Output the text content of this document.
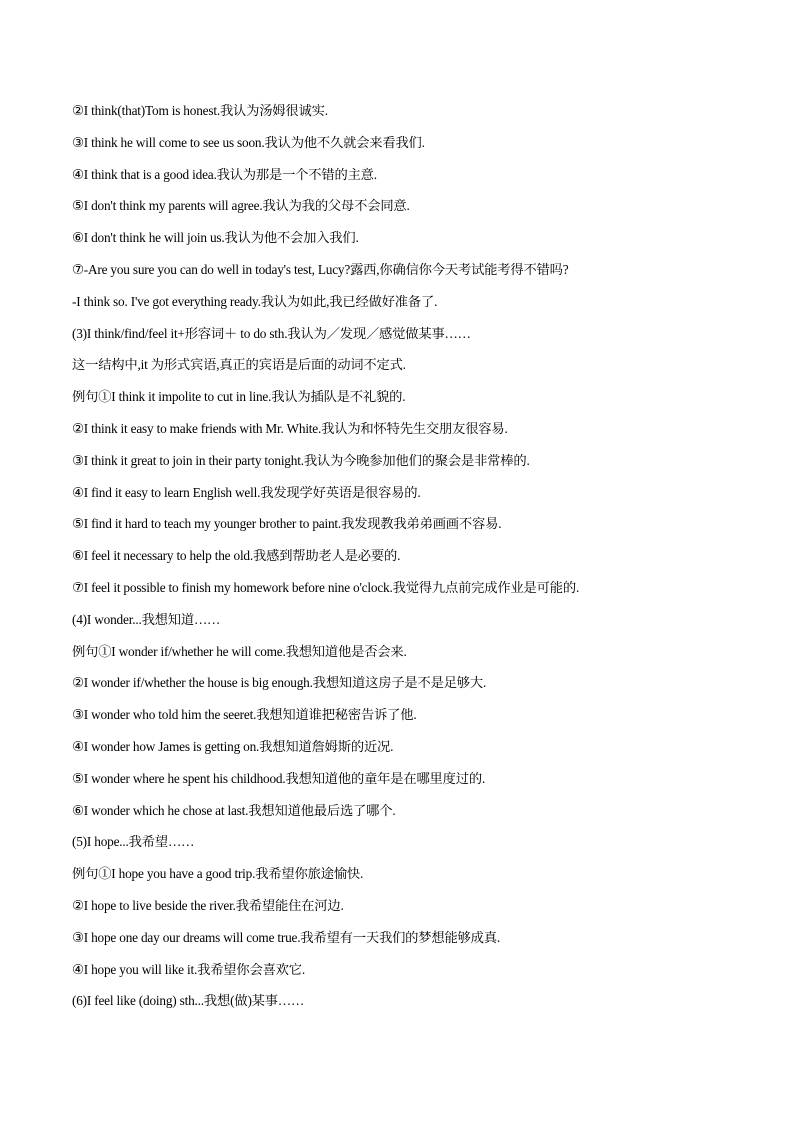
②I think(that)Tom is honest.我认为汤姆很诚实.
③I think he will come to see us soon.我认为他不久就会来看我们.
④I think that is a good idea.我认为那是一个不错的主意.
⑤I don't think my parents will agree.我认为我的父母不会同意.
⑥I don't think he will join us.我认为他不会加入我们.
⑦-Are you sure you can do well in today's test, Lucy?露西,你确信你今天考试能考得不错吗?
-I think so. I've got everything ready.我认为如此,我已经做好准备了.
(3)I think/find/feel it+形容词＋ to do sth.我认为／发现／感觉做某事……
这一结构中,it 为形式宾语,真正的宾语是后面的动词不定式.
例句①I think it impolite to cut in line.我认为插队是不礼貌的.
②I think it easy to make friends with Mr. White.我认为和怀特先生交朋友很容易.
③I think it great to join in their party tonight.我认为今晚参加他们的聚会是非常棒的.
④I find it easy to learn English well.我发现学好英语是很容易的.
⑤I find it hard to teach my younger brother to paint.我发现教我弟弟画画不容易.
⑥I feel it necessary to help the old.我感到帮助老人是必要的.
⑦I feel it possible to finish my homework before nine o'clock.我觉得九点前完成作业是可能的.
(4)I wonder...我想知道……
例句①I wonder if/whether he will come.我想知道他是否会来.
②I wonder if/whether the house is big enough.我想知道这房子是不是足够大.
③I wonder who told him the seeret.我想知道谁把秘密告诉了他.
④I wonder how James is getting on.我想知道詹姆斯的近况.
⑤I wonder where he spent his childhood.我想知道他的童年是在哪里度过的.
⑥I wonder which he chose at last.我想知道他最后选了哪个.
(5)I hope...我希望……
例句①I hope you have a good trip.我希望你旅途愉快.
②I hope to live beside the river.我希望能住在河边.
③I hope one day our dreams will come true.我希望有一天我们的梦想能够成真.
④I hope you will like it.我希望你会喜欢它.
(6)I feel like (doing) sth...我想(做)某事……
